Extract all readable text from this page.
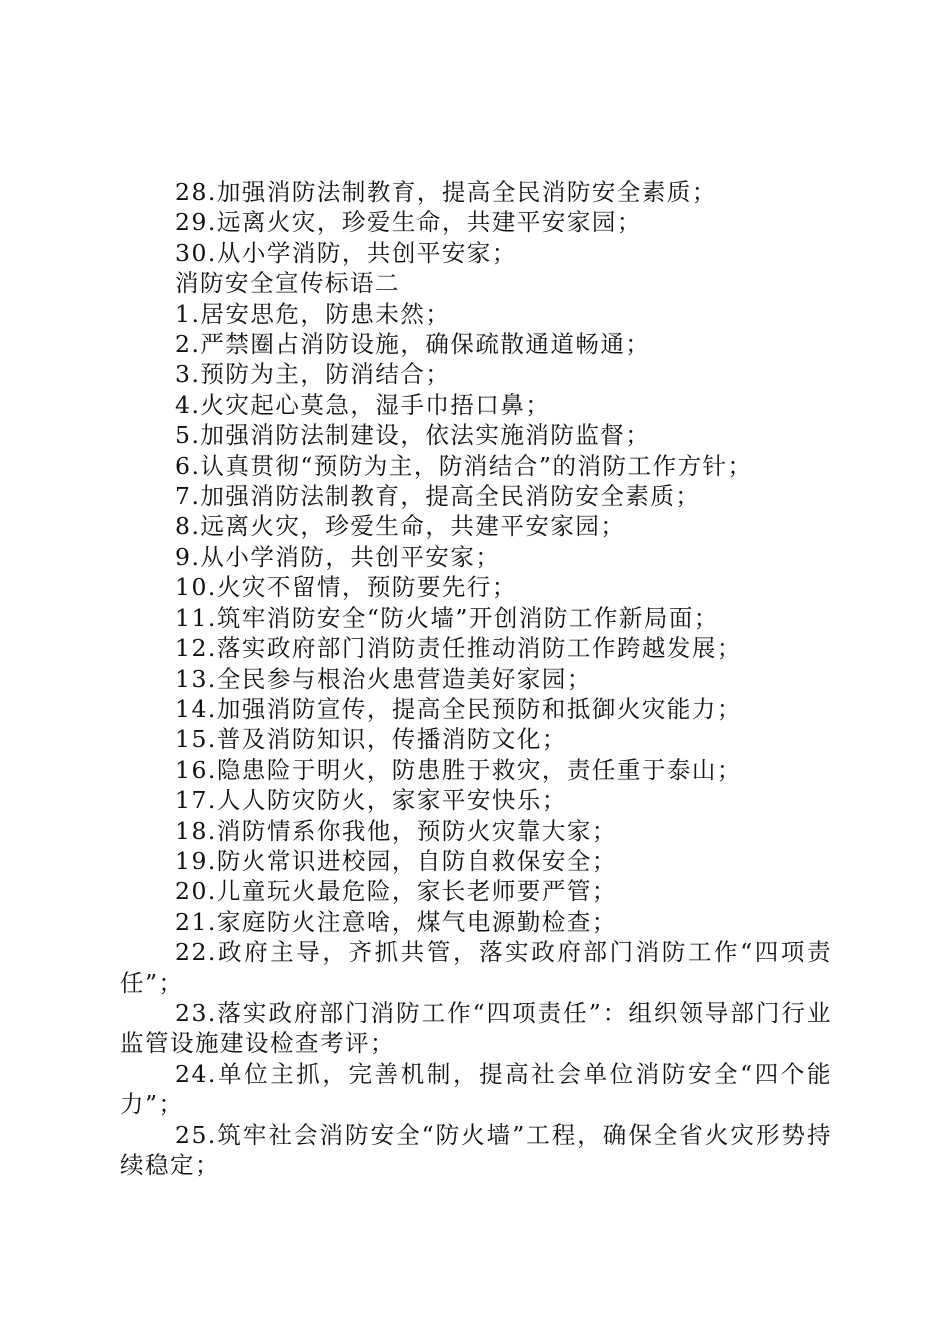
28.加强消防法制教育，提高全民消防安全素质；

29.远离火灾，珍爱生命，共建平安家园；

30.从小学消防，共创平安家；

消防安全宣传标语二

1.居安思危，防患未然；

2.严禁圈占消防设施，确保疏散通道畅通；

3.预防为主，防消结合；

4.火灾起心莫急，湿手巾捂口鼻；

5.加强消防法制建设，依法实施消防监督；

6.认真贯彻“预防为主，防消结合”的消防工作方针；

7.加强消防法制教育，提高全民消防安全素质；

8.远离火灾，珍爱生命，共建平安家园；

9.从小学消防，共创平安家；

10.火灾不留情，预防要先行；

11.筑牢消防安全“防火墙”开创消防工作新局面；

12.落实政府部门消防责任推动消防工作跨越发展；

13.全民参与根治火患营造美好家园；

14.加强消防宣传，提高全民预防和抵御火灾能力；

15.普及消防知识，传播消防文化；

16.隐患险于明火，防患胜于救灾，责任重于泰山；

17.人人防灾防火，家家平安快乐；

18.消防情系你我他，预防火灾靠大家；

19.防火常识进校园，自防自救保安全；

20.儿童玩火最危险，家长老师要严管；

21.家庭防火注意啥，煤气电源勤检查；

22.政府主导，齐抓共管，落实政府部门消防工作“四项责任”；

23.落实政府部门消防工作“四项责任”：组织领导部门行业监管设施建设检查考评；

24.单位主抓，完善机制，提高社会单位消防安全“四个能力”；

25.筑牢社会消防安全“防火墙”工程，确保全省火灾形势持续稳定；
